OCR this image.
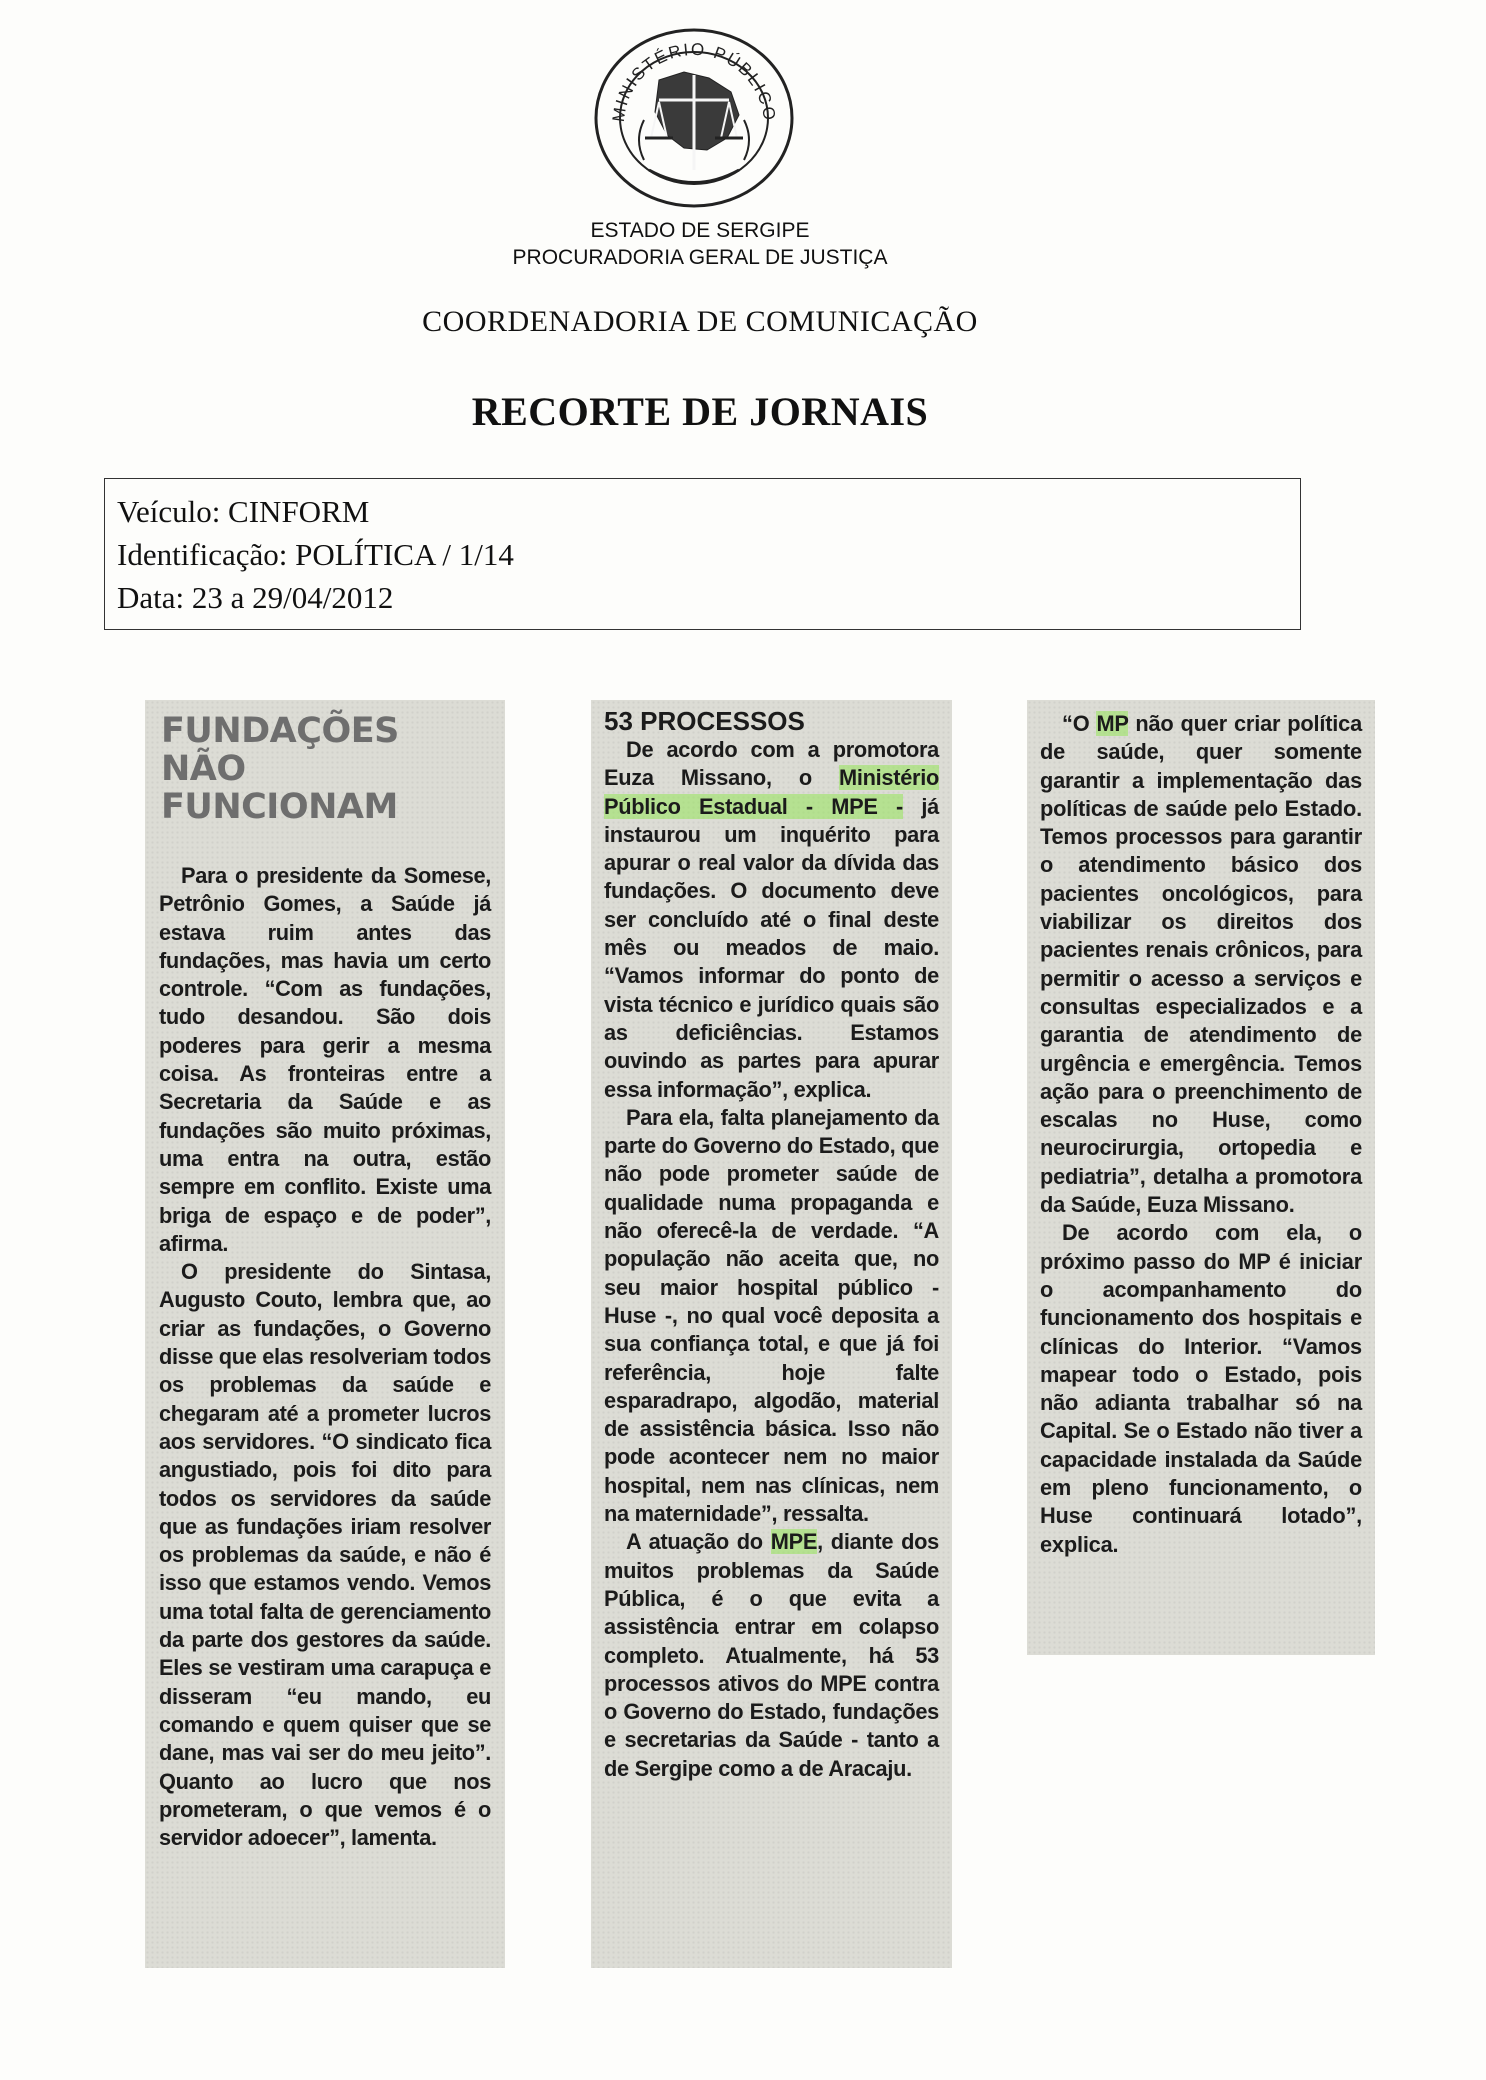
MINISTÉRIO PÚBLICO
ESTADO DE SERGIPE
PROCURADORIA GERAL DE JUSTIÇA
COORDENADORIA DE COMUNICAÇÃO
RECORTE DE JORNAIS
Veículo: CINFORM
Identificação: POLÍTICA / 1/14
Data: 23 a 29/04/2012
FUNDAÇÕES NÃO FUNCIONAM

Para o presidente da Somese, Petrônio Gomes, a Saúde já estava ruim antes das fundações, mas havia um certo controle. “Com as fundações, tudo desandou. São dois poderes para gerir a mesma coisa. As fronteiras entre a Secretaria da Saúde e as fundações são muito próximas, uma entra na outra, estão sempre em conflito. Existe uma briga de espaço e de poder”, afirma.

O presidente do Sintasa, Augusto Couto, lembra que, ao criar as fundações, o Governo disse que elas resolveriam todos os problemas da saúde e chegaram até a prometer lucros aos servidores. “O sindicato fica angustiado, pois foi dito para todos os servidores da saúde que as fundações iriam resolver os problemas da saúde, e não é isso que estamos vendo. Vemos uma total falta de gerenciamento da parte dos gestores da saúde. Eles se vestiram uma carapuça e disseram “eu mando, eu comando e quem quiser que se dane, mas vai ser do meu jeito”. Quanto ao lucro que nos prometeram, o que vemos é o servidor adoecer”, lamenta.

53 PROCESSOS

De acordo com a promotora Euza Missano, o Ministério Público Estadual - MPE - já instaurou um inquérito para apurar o real valor da dívida das fundações. O documento deve ser concluído até o final deste mês ou meados de maio. “Vamos informar do ponto de vista técnico e jurídico quais são as deficiências. Estamos ouvindo as partes para apurar essa informação”, explica.

Para ela, falta planejamento da parte do Governo do Estado, que não pode prometer saúde de qualidade numa propaganda e não oferecê-la de verdade. “A população não aceita que, no seu maior hospital público - Huse -, no qual você deposita a sua confiança total, e que já foi referência, hoje falte esparadrapo, algodão, material de assistência básica. Isso não pode acontecer nem no maior hospital, nem nas clínicas, nem na maternidade”, ressalta.

A atuação do MPE, diante dos muitos problemas da Saúde Pública, é o que evita a assistência entrar em colapso completo. Atualmente, há 53 processos ativos do MPE contra o Governo do Estado, fundações e secretarias da Saúde - tanto a de Sergipe como a de Aracaju.

“O MP não quer criar política de saúde, quer somente garantir a implementação das políticas de saúde pelo Estado. Temos processos para garantir o atendimento básico dos pacientes oncológicos, para viabilizar os direitos dos pacientes renais crônicos, para permitir o acesso a serviços e consultas especializados e a garantia de atendimento de urgência e emergência. Temos ação para o preenchimento de escalas no Huse, como neurocirurgia, ortopedia e pediatria”, detalha a promotora da Saúde, Euza Missano.

De acordo com ela, o próximo passo do MP é iniciar o acompanhamento do funcionamento dos hospitais e clínicas do Interior. “Vamos mapear todo o Estado, pois não adianta trabalhar só na Capital. Se o Estado não tiver a capacidade instalada da Saúde em pleno funcionamento, o Huse continuará lotado”, explica.
